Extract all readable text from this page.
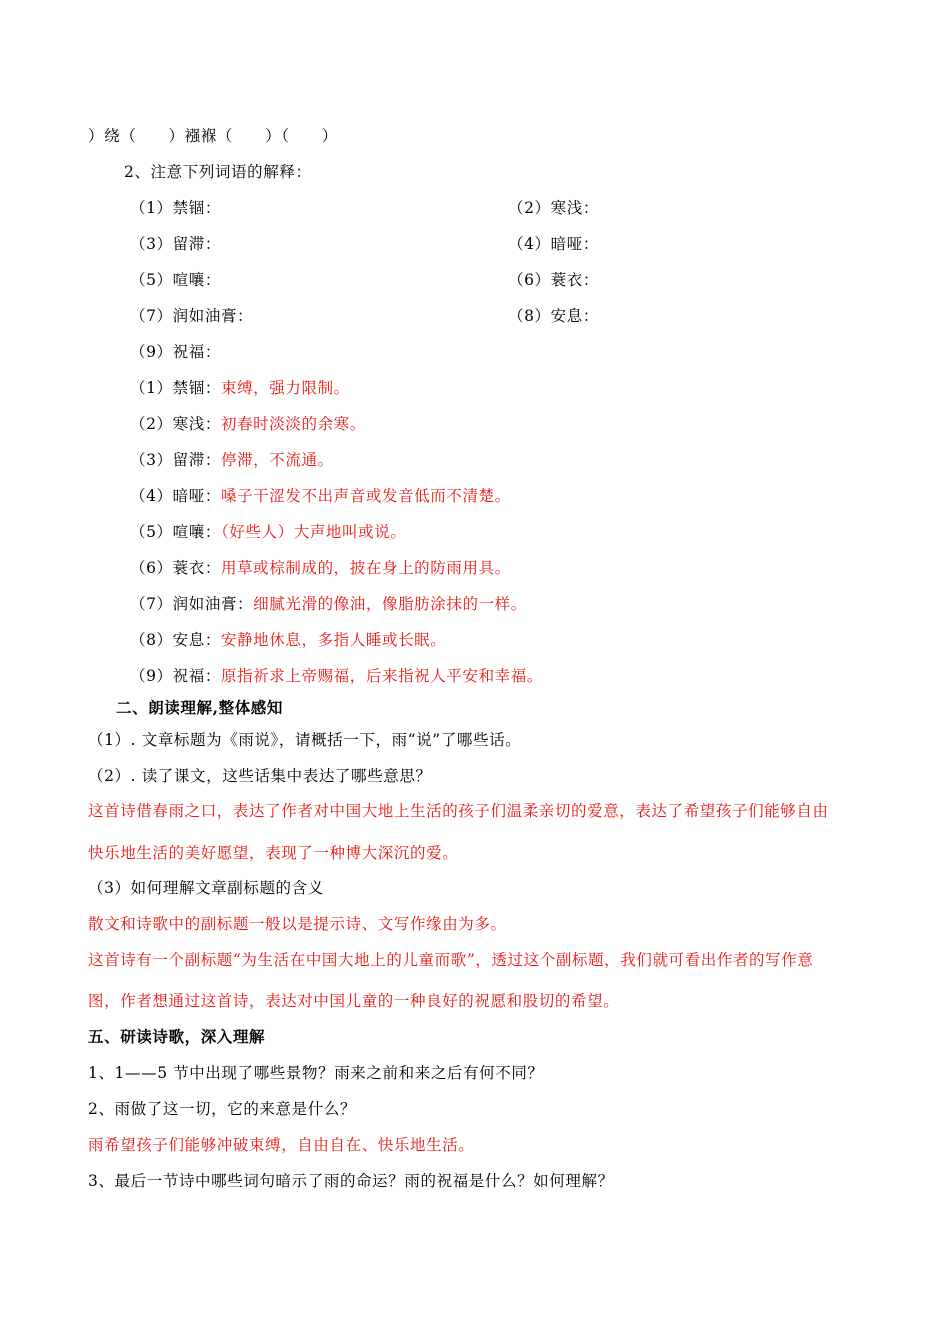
）绕（　　）襁褓（　　）（　　）
2、注意下列词语的解释：
（1）禁锢：	（2）寒浅：
（3）留滞：	（4）暗哑：
（5）喧嚷：	（6）蓑衣：
（7）润如油膏：	（8）安息：
（9）祝福：
（1）禁锢：束缚，强力限制。
（2）寒浅：初春时淡淡的余寒。
（3）留滞：停滞，不流通。
（4）暗哑：嗓子干涩发不出声音或发音低而不清楚。
（5）喧嚷：（好些人）大声地叫或说。
（6）蓑衣：用草或棕制成的，披在身上的防雨用具。
（7）润如油膏：细腻光滑的像油，像脂肪涂抹的一样。
（8）安息：安静地休息，多指人睡或长眠。
（9）祝福：原指祈求上帝赐福，后来指祝人平安和幸福。
二、朗读理解,整体感知
（1）. 文章标题为《雨说》，请概括一下，雨“说”了哪些话。
（2）. 读了课文，这些话集中表达了哪些意思？
这首诗借春雨之口，表达了作者对中国大地上生活的孩子们温柔亲切的爱意，表达了希望孩子们能够自由
快乐地生活的美好愿望，表现了一种博大深沉的爱。
（3）如何理解文章副标题的含义
散文和诗歌中的副标题一般以是提示诗、文写作缘由为多。
这首诗有一个副标题“为生活在中国大地上的儿童而歌”，透过这个副标题，我们就可看出作者的写作意
图，作者想通过这首诗，表达对中国儿童的一种良好的祝愿和股切的希望。
五、研读诗歌，深入理解
1、1——5 节中出现了哪些景物？雨来之前和来之后有何不同？
2、雨做了这一切，它的来意是什么？
雨希望孩子们能够冲破束缚，自由自在、快乐地生活。
3、最后一节诗中哪些词句暗示了雨的命运？雨的祝福是什么？如何理解？
